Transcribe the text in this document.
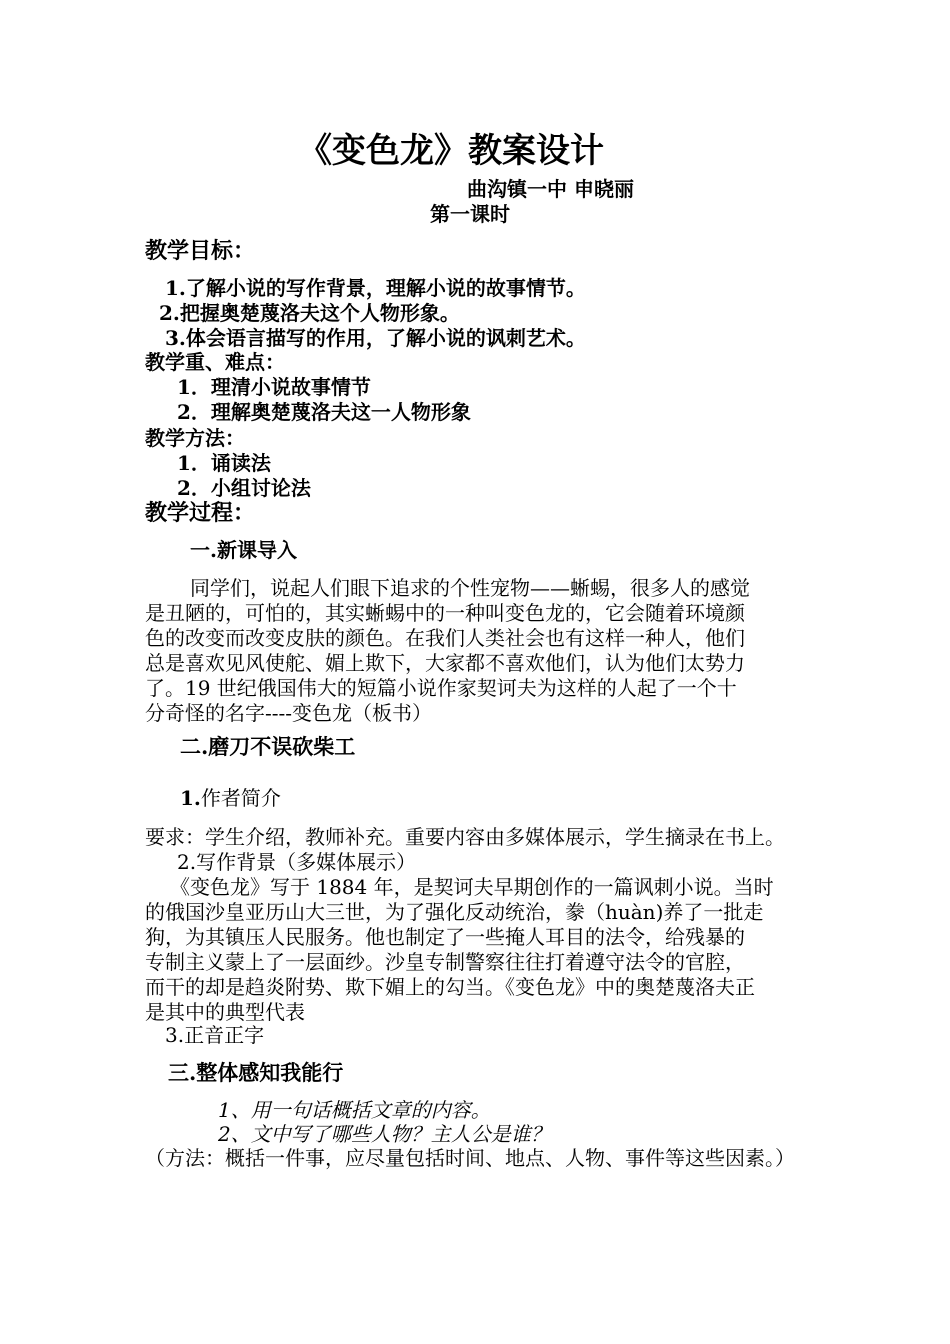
《变色龙》教案设计
曲沟镇一中 申晓丽
第一课时
教学目标：
1.了解小说的写作背景，理解小说的故事情节。
2.把握奥楚蔑洛夫这个人物形象。
3.体会语言描写的作用，了解小说的讽刺艺术。
教学重、难点：
1．理清小说故事情节
2．理解奥楚蔑洛夫这一人物形象
教学方法：
1．诵读法
2．小组讨论法
教学过程：
一.新课导入
同学们，说起人们眼下追求的个性宠物——蜥蜴，很多人的感觉
是丑陋的，可怕的，其实蜥蜴中的一种叫变色龙的，它会随着环境颜
色的改变而改变皮肤的颜色。在我们人类社会也有这样一种人，他们
总是喜欢见风使舵、媚上欺下，大家都不喜欢他们，认为他们太势力
了。19 世纪俄国伟大的短篇小说作家契诃夫为这样的人起了一个十
分奇怪的名字----变色龙（板书）
二.磨刀不误砍柴工
1.作者简介
要求：学生介绍，教师补充。重要内容由多媒体展示，学生摘录在书上。
2.写作背景（多媒体展示）
《变色龙》写于 1884 年，是契诃夫早期创作的一篇讽刺小说。当时
的俄国沙皇亚历山大三世，为了强化反动统治，豢（huàn)养了一批走
狗，为其镇压人民服务。他也制定了一些掩人耳目的法令，给残暴的
专制主义蒙上了一层面纱。沙皇专制警察往往打着遵守法令的官腔，
而干的却是趋炎附势、欺下媚上的勾当。《变色龙》中的奥楚蔑洛夫正
是其中的典型代表
3.正音正字
三.整体感知我能行
1、用一句话概括文章的内容。
2、文中写了哪些人物？主人公是谁？
（方法：概括一件事，应尽量包括时间、地点、人物、事件等这些因素。）
